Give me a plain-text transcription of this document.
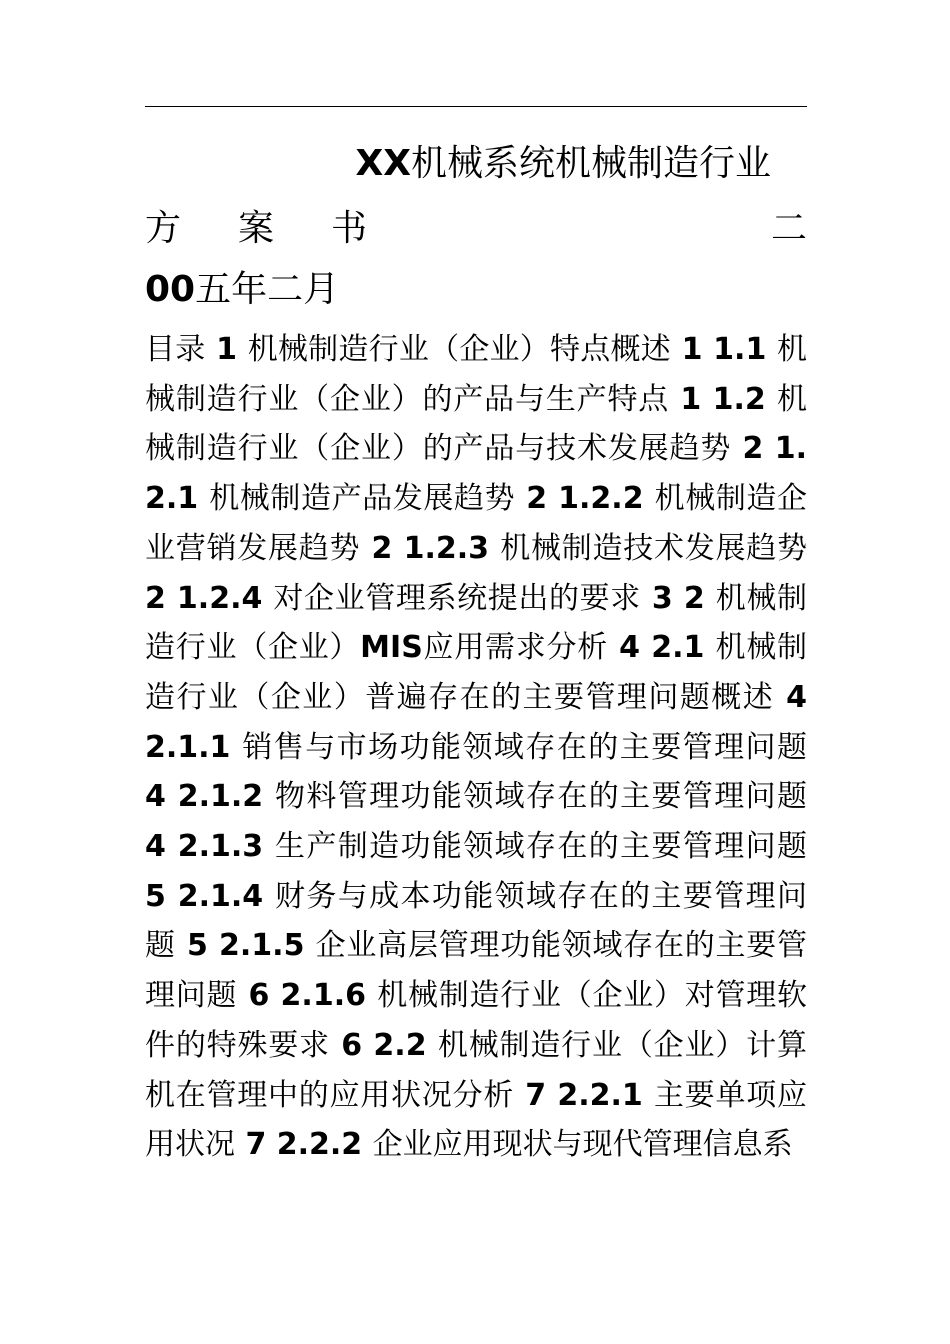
XX机械系统机械制造行业
方 案 书	二
00五年二月
目录 1 机械制造行业（企业）特点概述 1 1.1 机械制造行业（企业）的产品与生产特点 1 1.2 机械制造行业（企业）的产品与技术发展趋势 2 1.2.1 机械制造产品发展趋势 2 1.2.2 机械制造企业营销发展趋势 2 1.2.3 机械制造技术发展趋势 2 1.2.4 对企业管理系统提出的要求 3 2 机械制造行业（企业）MIS应用需求分析 4 2.1 机械制造行业（企业）普遍存在的主要管理问题概述 4 2.1.1 销售与市场功能领域存在的主要管理问题 4 2.1.2 物料管理功能领域存在的主要管理问题 4 2.1.3 生产制造功能领域存在的主要管理问题 5 2.1.4 财务与成本功能领域存在的主要管理问题 5 2.1.5 企业高层管理功能领域存在的主要管理问题 6 2.1.6 机械制造行业（企业）对管理软件的特殊要求 6 2.2 机械制造行业（企业）计算机在管理中的应用状况分析 7 2.2.1 主要单项应用状况 7 2.2.2 企业应用现状与现代管理信息系
